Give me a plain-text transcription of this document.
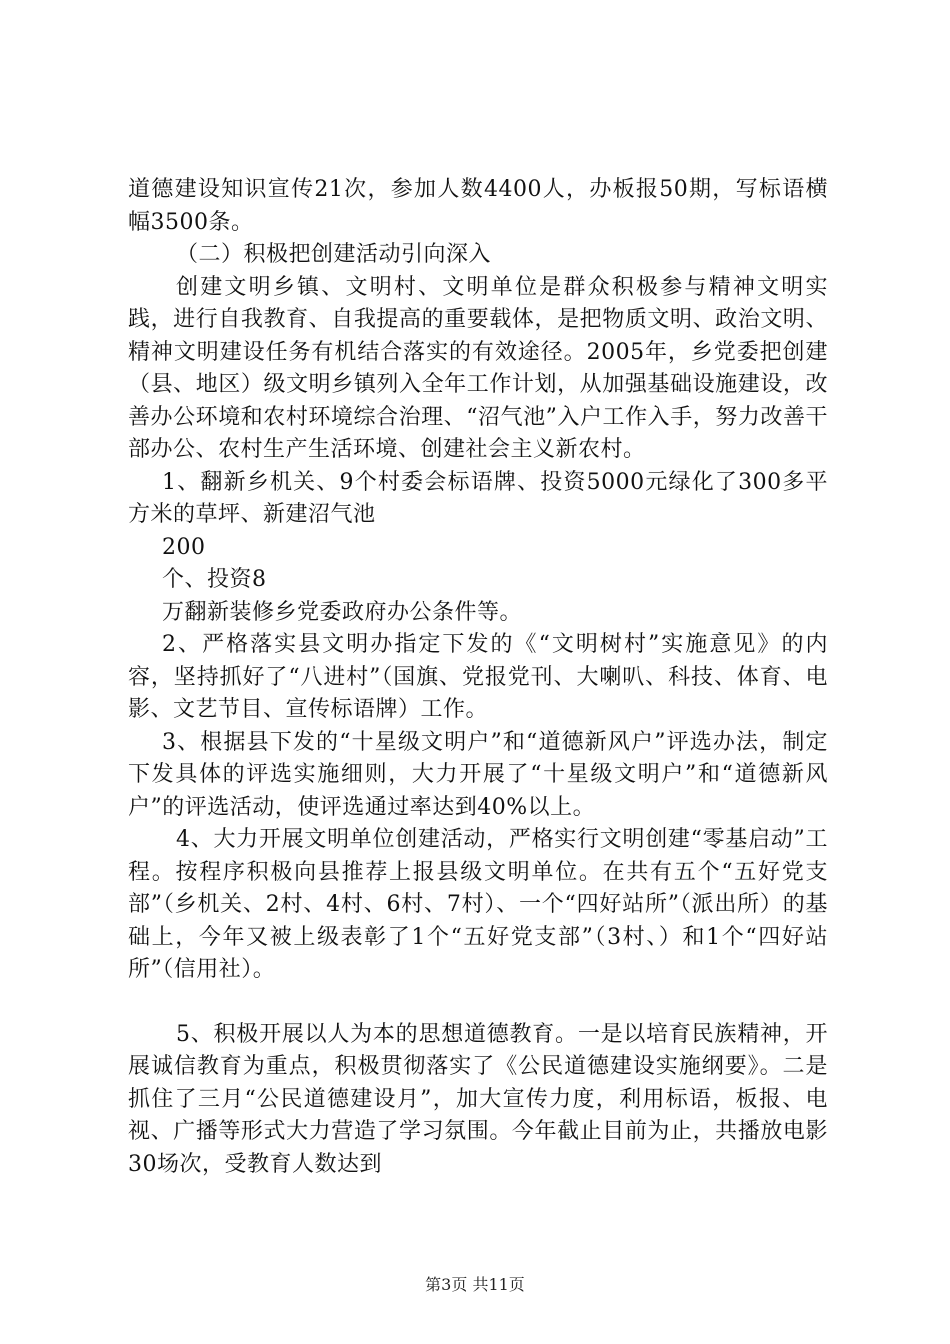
道德建设知识宣传21次，参加人数4400人，办板报50期，写标语横幅3500条。

（二）积极把创建活动引向深入

创建文明乡镇、文明村、文明单位是群众积极参与精神文明实践，进行自我教育、自我提高的重要载体，是把物质文明、政治文明、精神文明建设任务有机结合落实的有效途径。2005年，乡党委把创建（县、地区）级文明乡镇列入全年工作计划，从加强基础设施建设，改善办公环境和农村环境综合治理、“沼气池”入户工作入手，努力改善干部办公、农村生产生活环境、创建社会主义新农村。

1、翻新乡机关、9个村委会标语牌、投资5000元绿化了300多平方米的草坪、新建沼气池

200

个、投资8

万翻新装修乡党委政府办公条件等。

2、严格落实县文明办指定下发的《“文明树村”实施意见》的内容，坚持抓好了“八进村”（国旗、党报党刊、大喇叭、科技、体育、电影、文艺节目、宣传标语牌）工作。

3、根据县下发的“十星级文明户”和“道德新风户”评选办法，制定下发具体的评选实施细则，大力开展了“十星级文明户”和“道德新风户”的评选活动，使评选通过率达到40%以上。

4、大力开展文明单位创建活动，严格实行文明创建“零基启动”工程。按程序积极向县推荐上报县级文明单位。在共有五个“五好党支部”（乡机关、2村、4村、6村、7村）、一个“四好站所”（派出所）的基础上，今年又被上级表彰了1个“五好党支部”（3村、）和1个“四好站所”（信用社）。

5、积极开展以人为本的思想道德教育。一是以培育民族精神，开展诚信教育为重点，积极贯彻落实了《公民道德建设实施纲要》。二是抓住了三月“公民道德建设月”，加大宣传力度，利用标语，板报、电视、广播等形式大力营造了学习氛围。今年截止目前为止，共播放电影30场次，受教育人数达到

第3页 共11页
